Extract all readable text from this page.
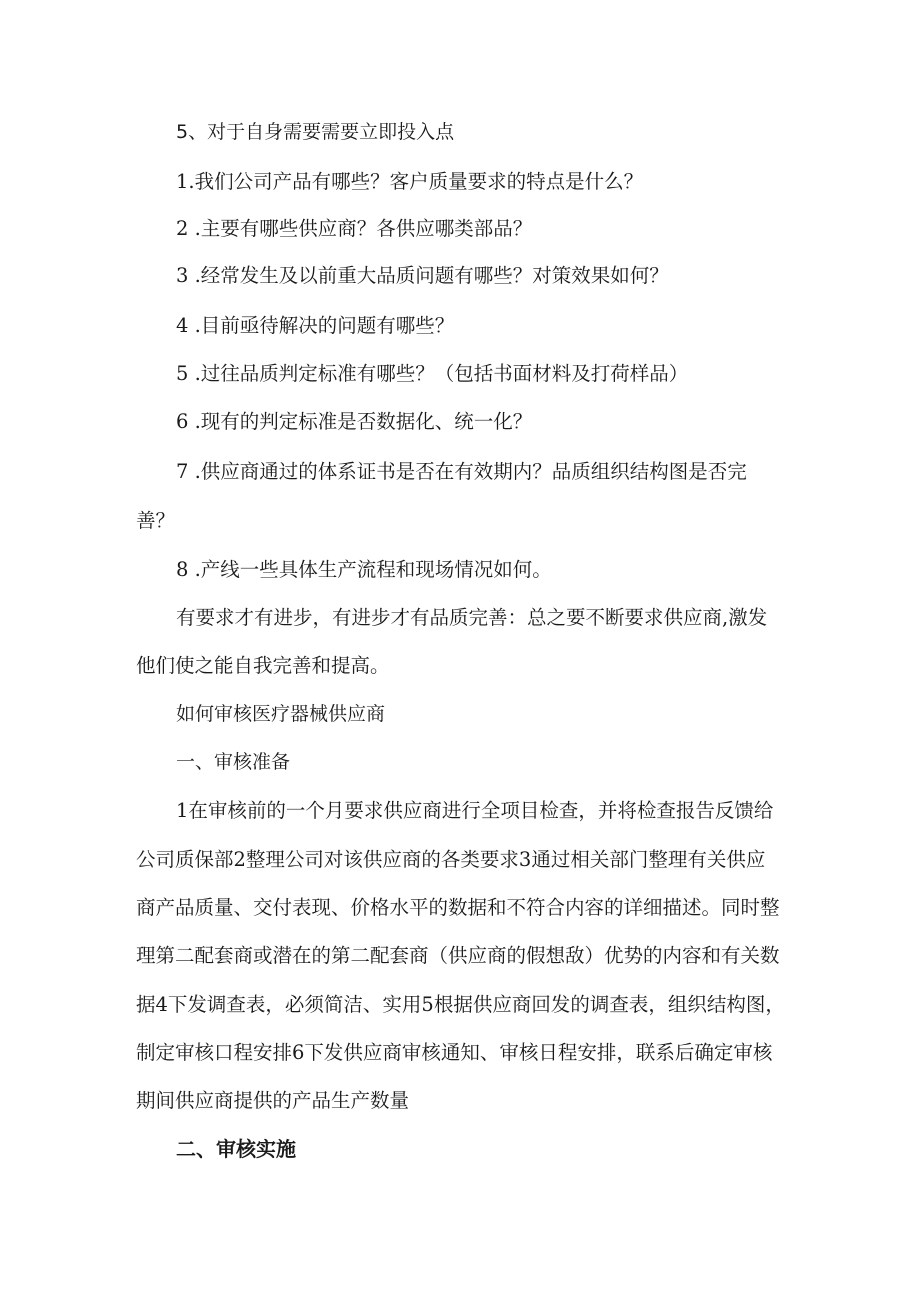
5、对于自身需要需要立即投入点
1.我们公司产品有哪些？客户质量要求的特点是什么？
2 .主要有哪些供应商？各供应哪类部品？
3 .经常发生及以前重大品质问题有哪些？对策效果如何？
4 .目前亟待解决的问题有哪些？
5 .过往品质判定标准有哪些？（包括书面材料及打荷样品）
6 .现有的判定标准是否数据化、统一化？
7 .供应商通过的体系证书是否在有效期内？品质组织结构图是否完
善？
8 .产线一些具体生产流程和现场情况如何。
有要求才有进步，有进步才有品质完善：总之要不断要求供应商,激发
他们使之能自我完善和提高。
如何审核医疗器械供应商
一、审核准备
1在审核前的一个月要求供应商进行全项目检查，并将检查报告反馈给
公司质保部2整理公司对该供应商的各类要求3通过相关部门整理有关供应
商产品质量、交付表现、价格水平的数据和不符合内容的详细描述。同时整
理第二配套商或潜在的第二配套商（供应商的假想敌）优势的内容和有关数
据4下发调查表，必须简洁、实用5根据供应商回发的调查表，组织结构图，
制定审核口程安排6下发供应商审核通知、审核日程安排，联系后确定审核
期间供应商提供的产品生产数量
二、审核实施
